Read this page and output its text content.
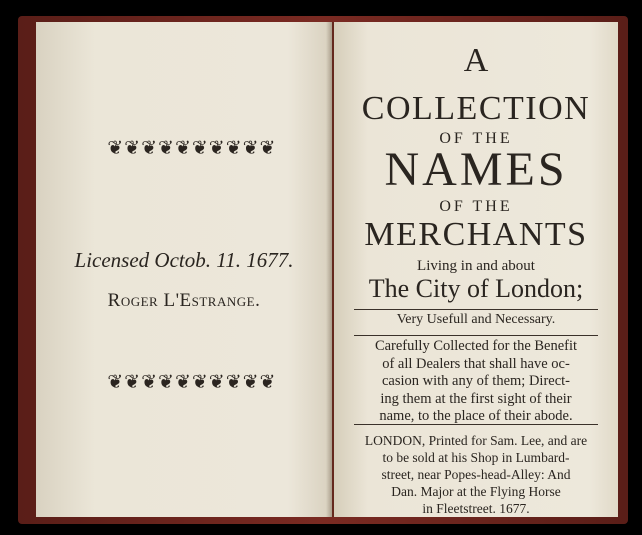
❦❦❦❦❦❦❦❦❦❦
Licensed Octob. 11. 1677.
Roger L'Estrange.
❦❦❦❦❦❦❦❦❦❦
A
COLLECTION
OF THE
NAMES
OF THE
MERCHANTS
Living in and about
The City of London;
Very Usefull and Necessary.
Carefully Collected for the Benefit
of all Dealers that shall have oc-
casion with any of them; Direct-
ing them at the first sight of their
name, to the place of their abode.
LONDON, Printed for Sam. Lee, and are
to be sold at his Shop in Lumbard-
street, near Popes-head-Alley: And
Dan. Major at the Flying Horse
in Fleetstreet. 1677.
